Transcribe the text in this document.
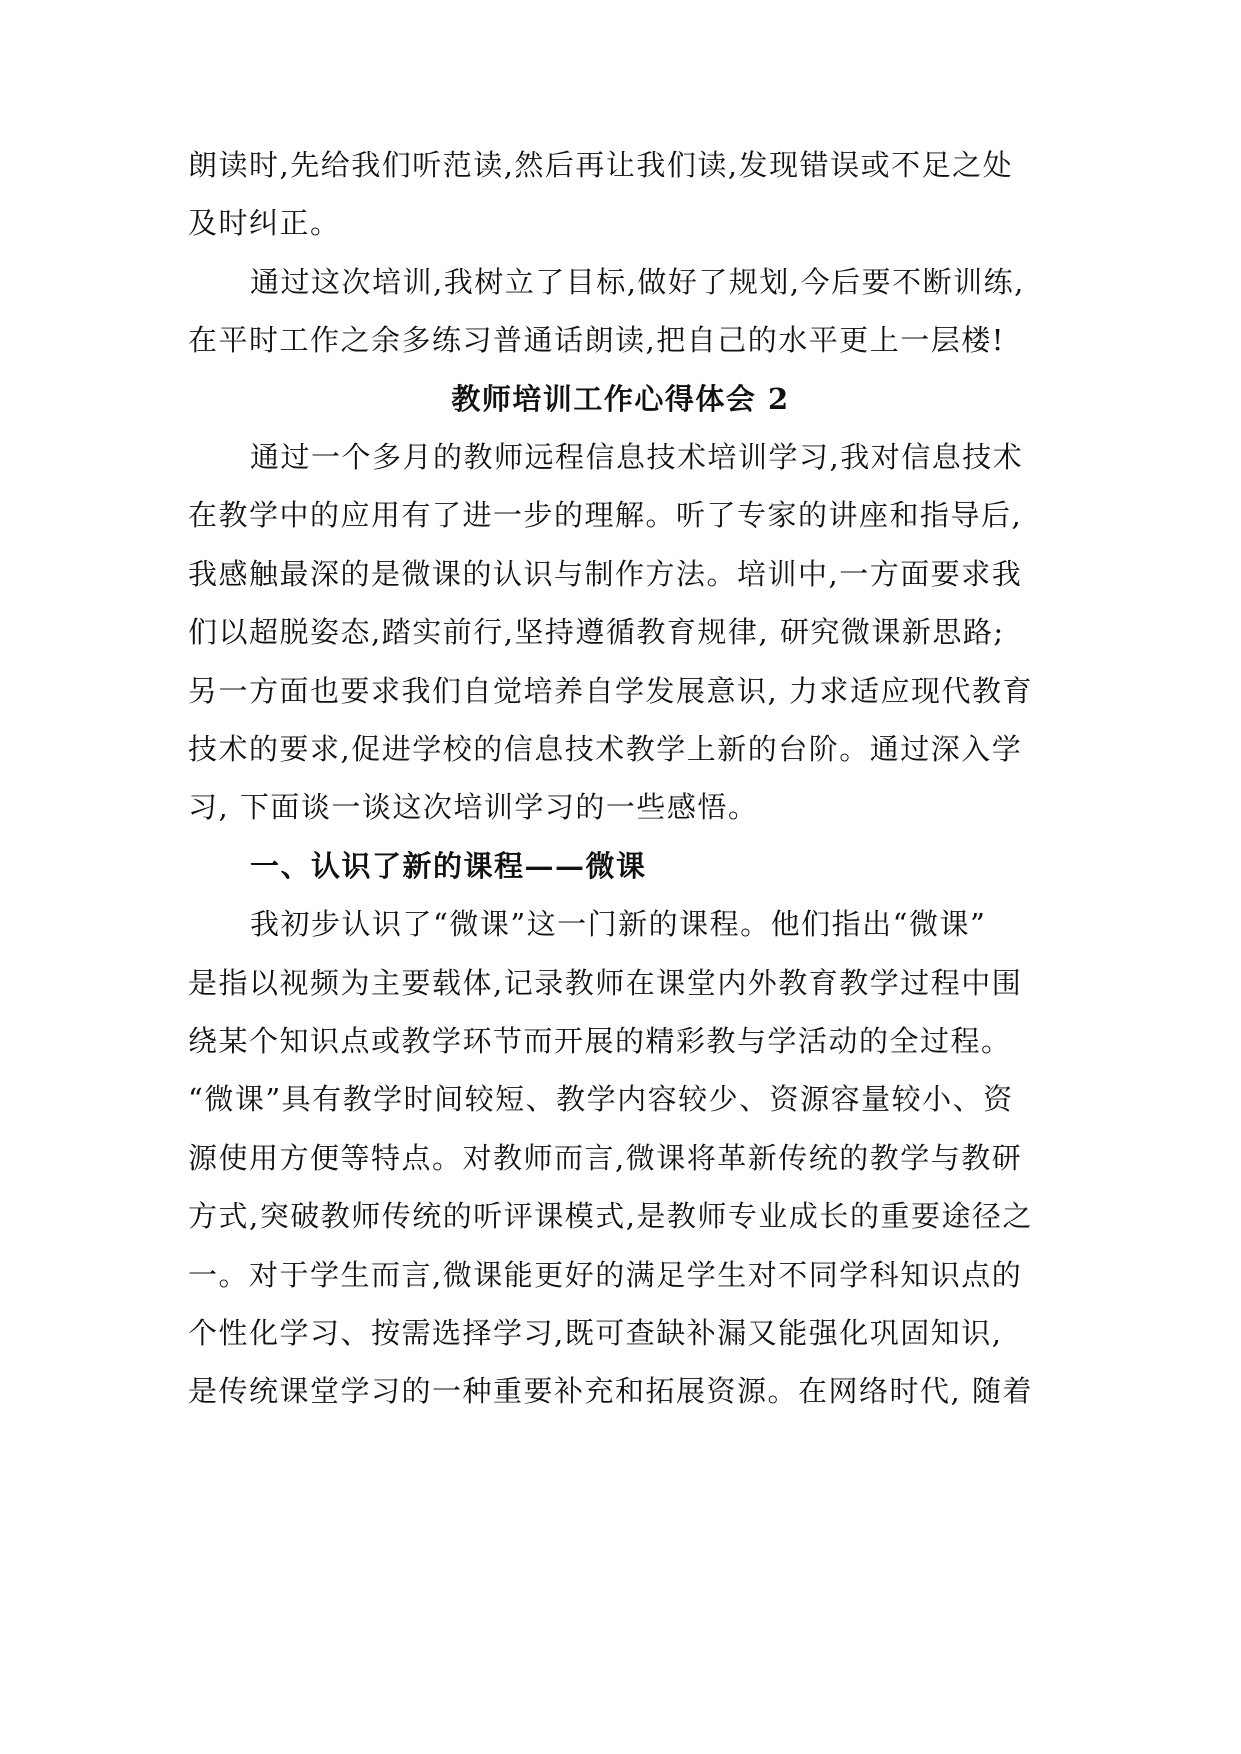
朗读时,先给我们听范读,然后再让我们读,发现错误或不足之处
及时纠正。
通过这次培训,我树立了目标,做好了规划,今后要不断训练,
在平时工作之余多练习普通话朗读,把自己的水平更上一层楼!
教师培训工作心得体会 2
通过一个多月的教师远程信息技术培训学习,我对信息技术
在教学中的应用有了进一步的理解。听了专家的讲座和指导后,
我感触最深的是微课的认识与制作方法。培训中,一方面要求我
们以超脱姿态,踏实前行,坚持遵循教育规律, 研究微课新思路;
另一方面也要求我们自觉培养自学发展意识, 力求适应现代教育
技术的要求,促进学校的信息技术教学上新的台阶。通过深入学
习, 下面谈一谈这次培训学习的一些感悟。
一、认识了新的课程——微课
我初步认识了“微课”这一门新的课程。他们指出“微课”
是指以视频为主要载体,记录教师在课堂内外教育教学过程中围
绕某个知识点或教学环节而开展的精彩教与学活动的全过程。
“微课”具有教学时间较短、教学内容较少、资源容量较小、资
源使用方便等特点。对教师而言,微课将革新传统的教学与教研
方式,突破教师传统的听评课模式,是教师专业成长的重要途径之
一。对于学生而言,微课能更好的满足学生对不同学科知识点的
个性化学习、按需选择学习,既可查缺补漏又能强化巩固知识,
是传统课堂学习的一种重要补充和拓展资源。在网络时代, 随着
